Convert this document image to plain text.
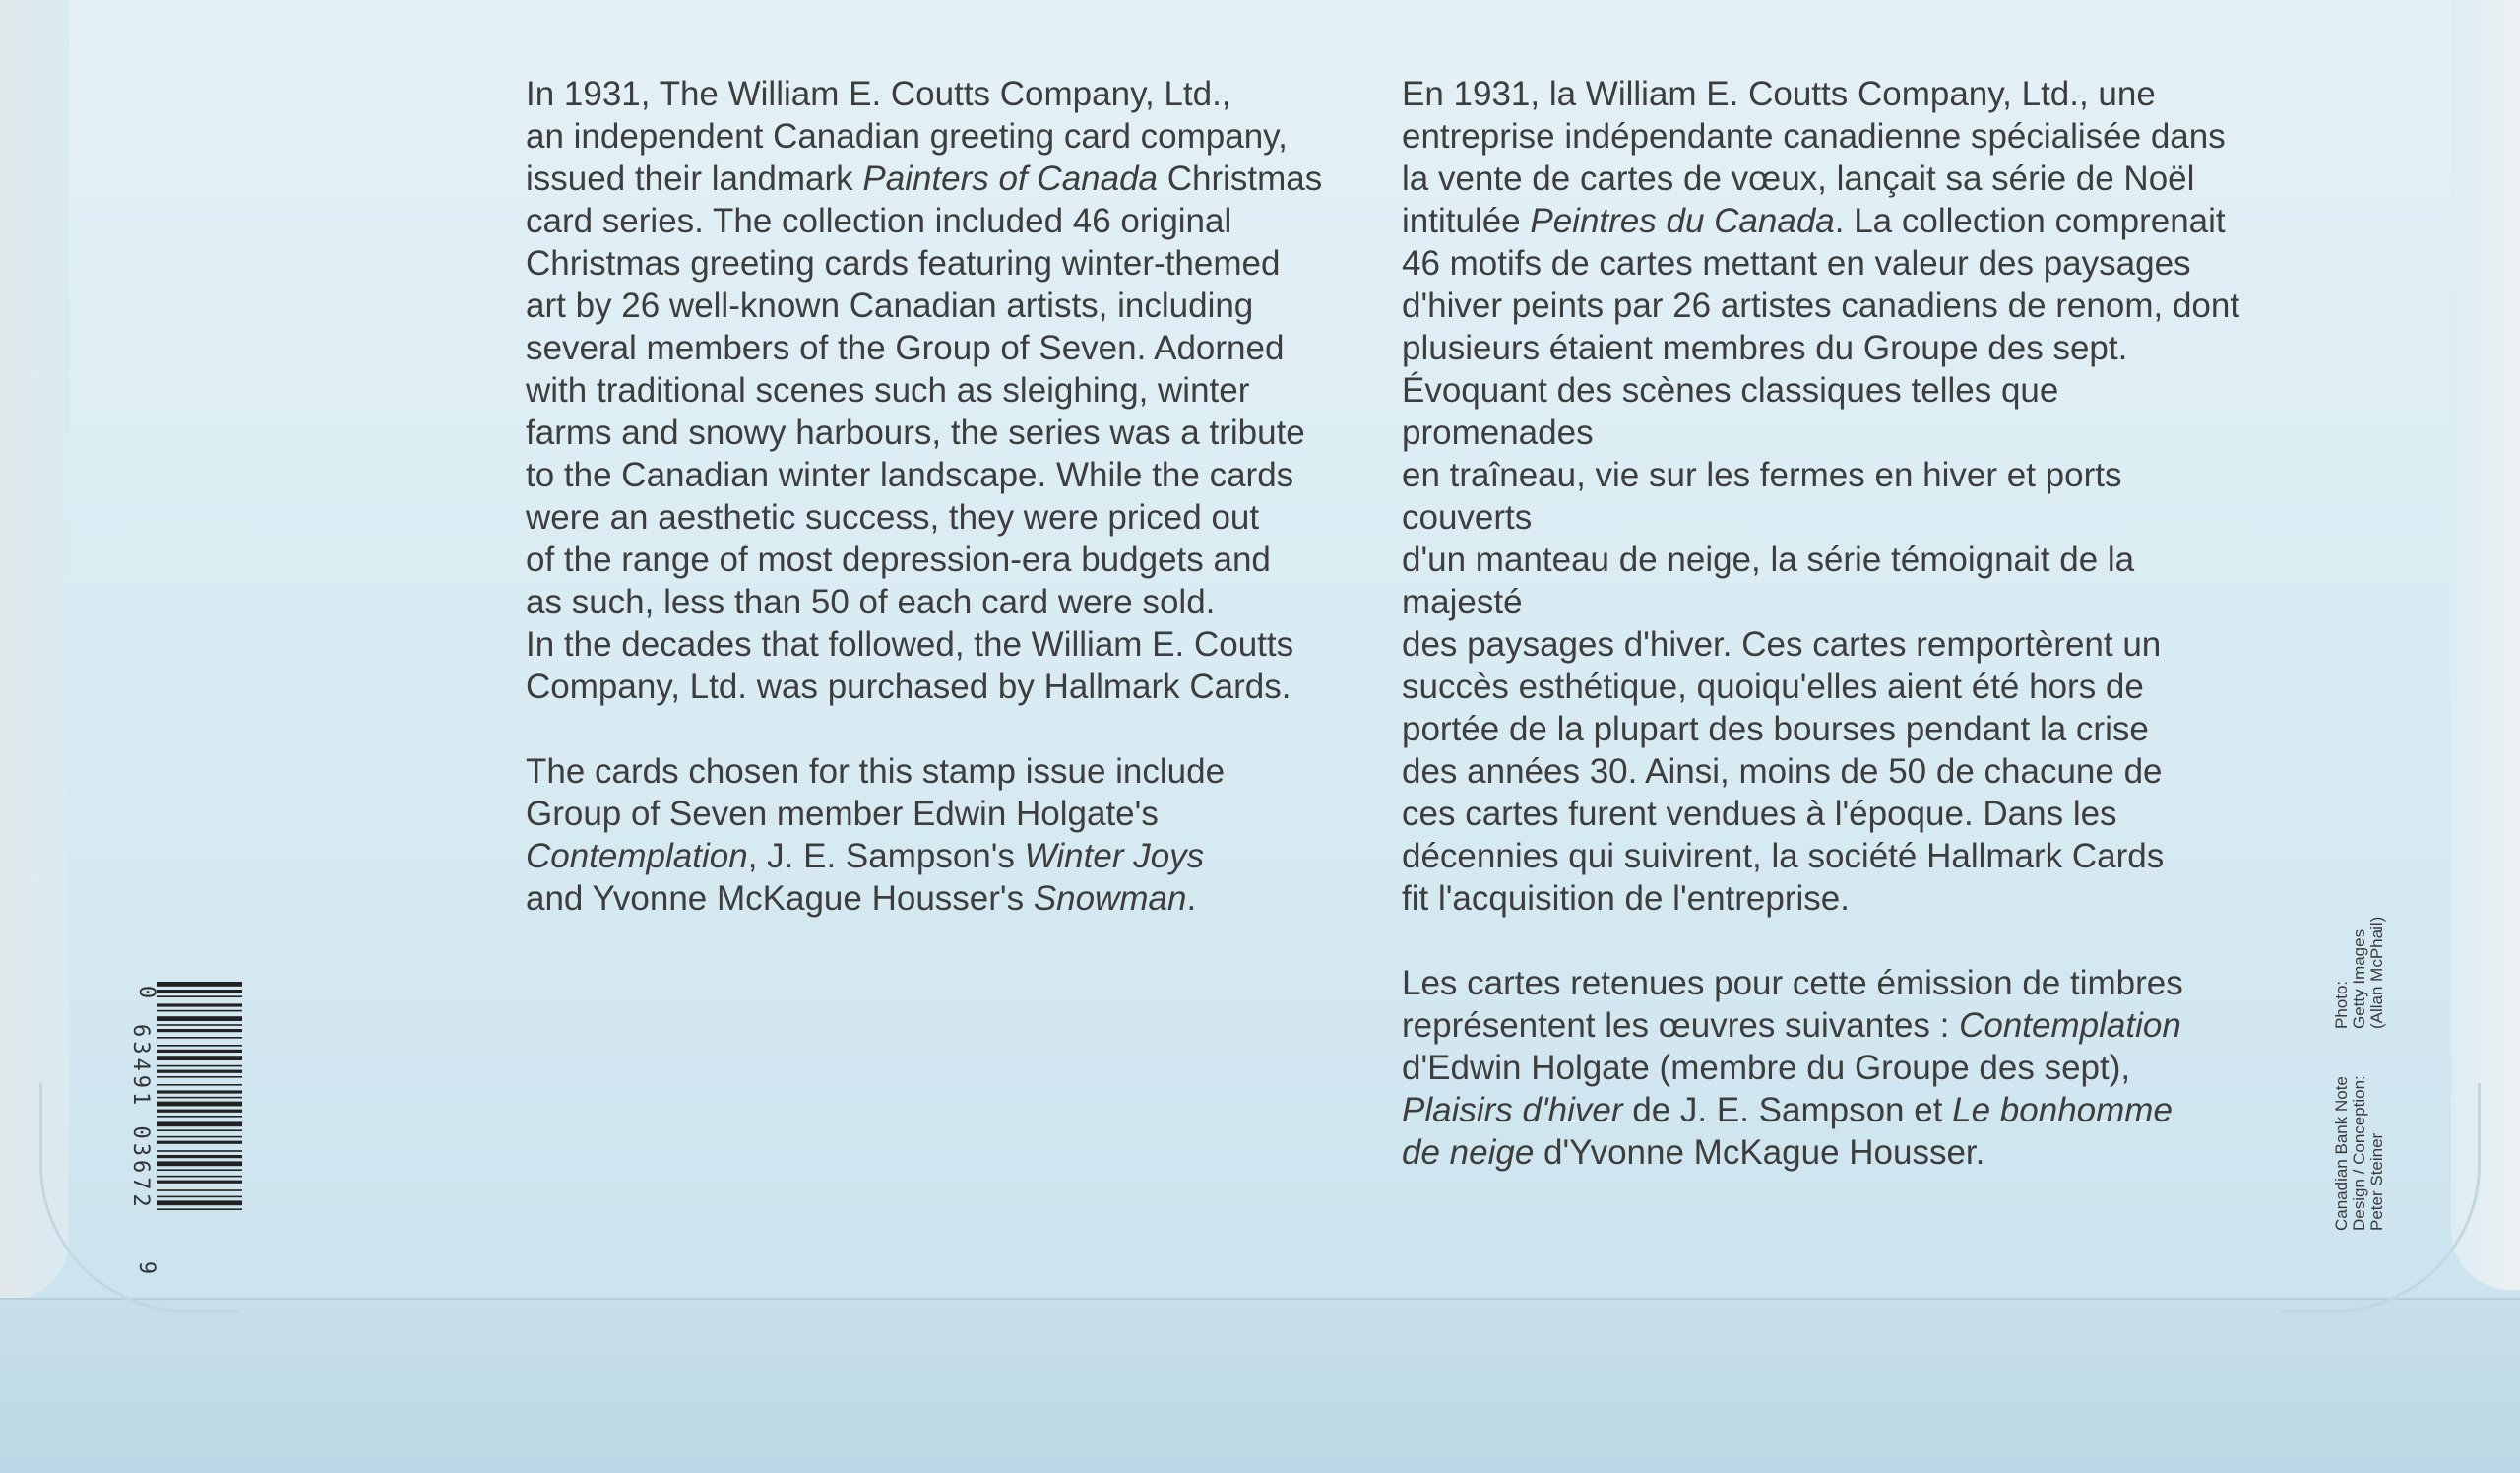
In 1931, The William E. Coutts Company, Ltd.,
an independent Canadian greeting card company,
issued their landmark Painters of Canada Christmas
card series. The collection included 46 original
Christmas greeting cards featuring winter-themed
art by 26 well-known Canadian artists, including
several members of the Group of Seven. Adorned
with traditional scenes such as sleighing, winter
farms and snowy harbours, the series was a tribute
to the Canadian winter landscape. While the cards
were an aesthetic success, they were priced out
of the range of most depression-era budgets and
as such, less than 50 of each card were sold.
In the decades that followed, the William E. Coutts
Company, Ltd. was purchased by Hallmark Cards.

The cards chosen for this stamp issue include
Group of Seven member Edwin Holgate's
Contemplation, J. E. Sampson's Winter Joys
and Yvonne McKague Housser's Snowman.

En 1931, la William E. Coutts Company, Ltd., une
entreprise indépendante canadienne spécialisée dans
la vente de cartes de vœux, lançait sa série de Noël
intitulée Peintres du Canada. La collection comprenait
46 motifs de cartes mettant en valeur des paysages
d'hiver peints par 26 artistes canadiens de renom, dont
plusieurs étaient membres du Groupe des sept.
Évoquant des scènes classiques telles que promenades
en traîneau, vie sur les fermes en hiver et ports couverts
d'un manteau de neige, la série témoignait de la majesté
des paysages d'hiver. Ces cartes remportèrent un
succès esthétique, quoiqu'elles aient été hors de
portée de la plupart des bourses pendant la crise
des années 30. Ainsi, moins de 50 de chacune de
ces cartes furent vendues à l'époque. Dans les
décennies qui suivirent, la société Hallmark Cards
fit l'acquisition de l'entreprise.

Les cartes retenues pour cette émission de timbres
représentent les œuvres suivantes : Contemplation
d'Edwin Holgate (membre du Groupe des sept),
Plaisirs d'hiver de J. E. Sampson et Le bonhomme
de neige d'Yvonne McKague Housser.

0
63491 03672
9
Photo:
Getty Images
(Allan McPhail)
Canadian Bank Note
Design / Conception:
Peter Steiner
